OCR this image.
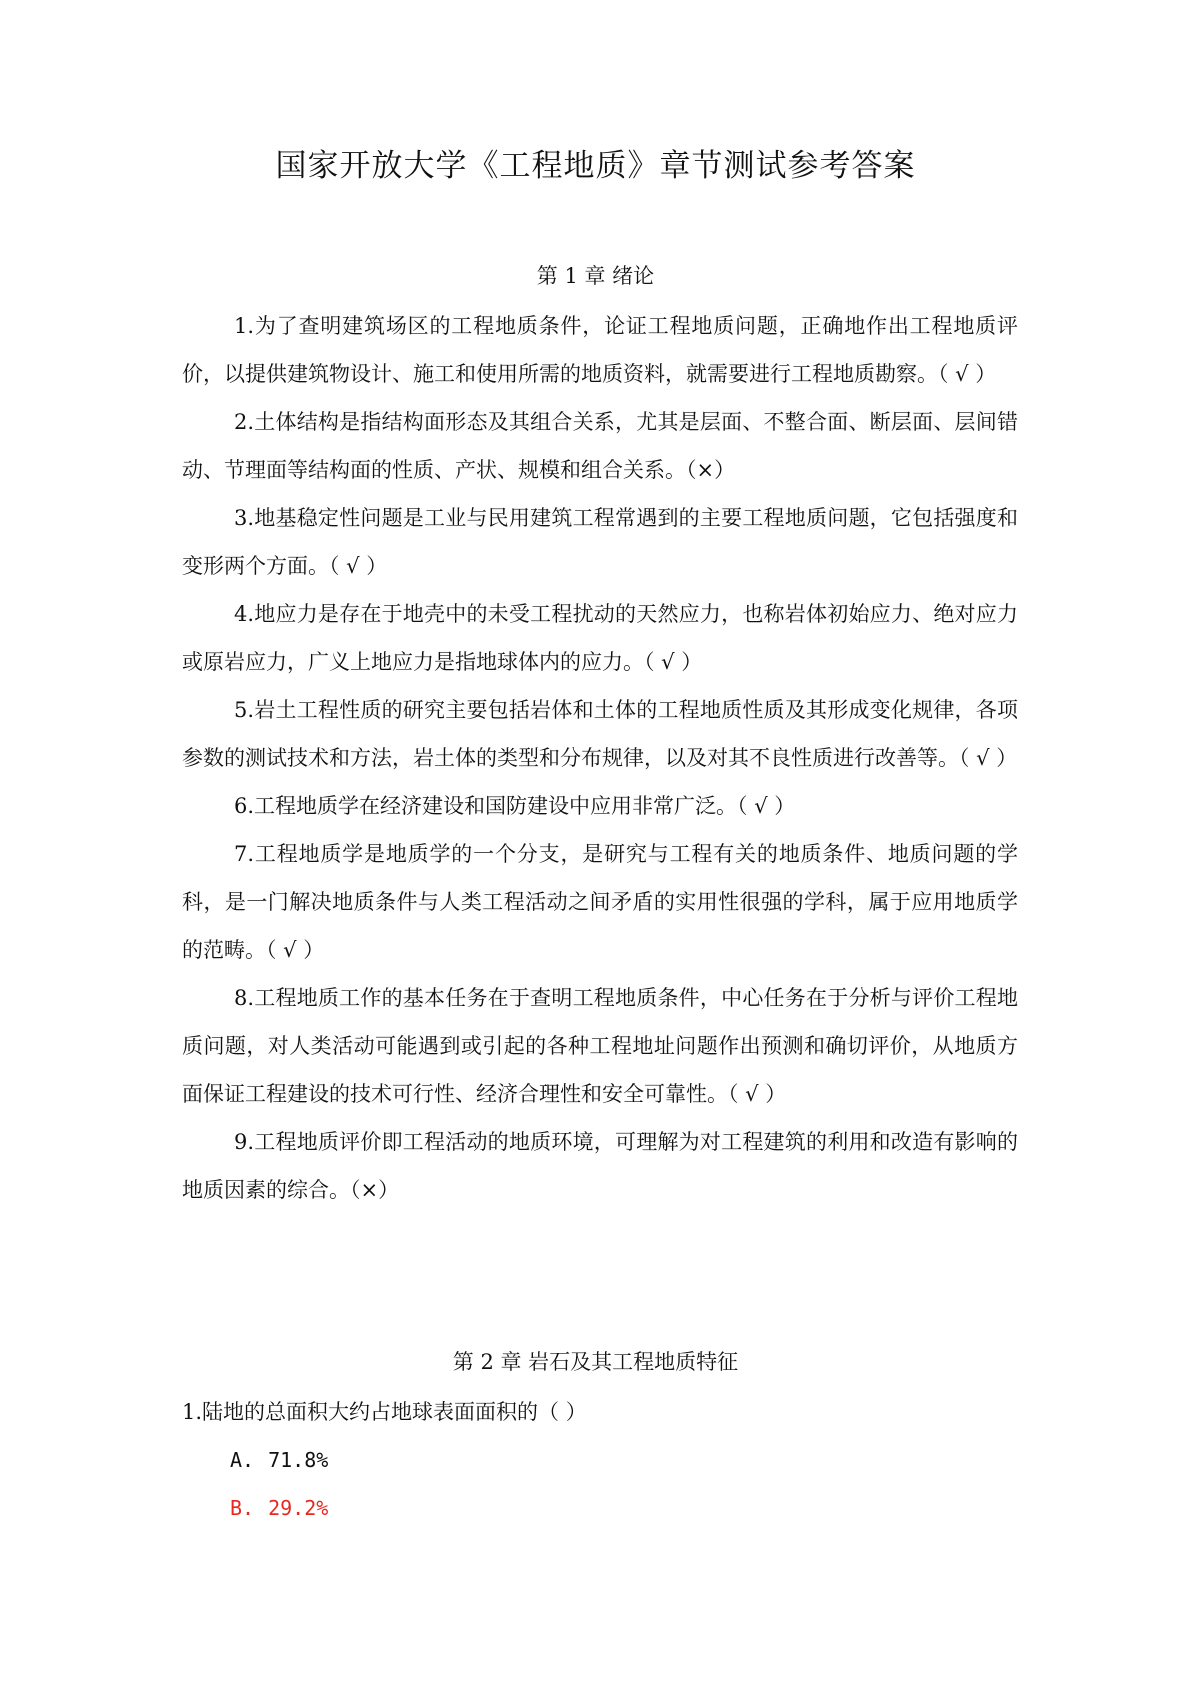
国家开放大学《工程地质》章节测试参考答案
第 1 章 绪论

1.为了查明建筑场区的工程地质条件，论证工程地质问题，正确地作出工程地质评价，以提供建筑物设计、施工和使用所需的地质资料，就需要进行工程地质勘察。（ √ ）

2.土体结构是指结构面形态及其组合关系，尤其是层面、不整合面、断层面、层间错动、节理面等结构面的性质、产状、规模和组合关系。（×）

3.地基稳定性问题是工业与民用建筑工程常遇到的主要工程地质问题，它包括强度和变形两个方面。（ √ ）

4.地应力是存在于地壳中的未受工程扰动的天然应力，也称岩体初始应力、绝对应力或原岩应力，广义上地应力是指地球体内的应力。（ √ ）

5.岩土工程性质的研究主要包括岩体和土体的工程地质性质及其形成变化规律，各项参数的测试技术和方法，岩土体的类型和分布规律，以及对其不良性质进行改善等。（ √ ）

6.工程地质学在经济建设和国防建设中应用非常广泛。（ √ ）

7.工程地质学是地质学的一个分支，是研究与工程有关的地质条件、地质问题的学科，是一门解决地质条件与人类工程活动之间矛盾的实用性很强的学科，属于应用地质学的范畴。（ √ ）

8.工程地质工作的基本任务在于查明工程地质条件，中心任务在于分析与评价工程地质问题，对人类活动可能遇到或引起的各种工程地址问题作出预测和确切评价，从地质方面保证工程建设的技术可行性、经济合理性和安全可靠性。（ √ ）

9.工程地质评价即工程活动的地质环境，可理解为对工程建筑的利用和改造有影响的地质因素的综合。（×）

第 2 章 岩石及其工程地质特征

1.陆地的总面积大约占地球表面面积的（ ）

A. 71.8%

B. 29.2%
